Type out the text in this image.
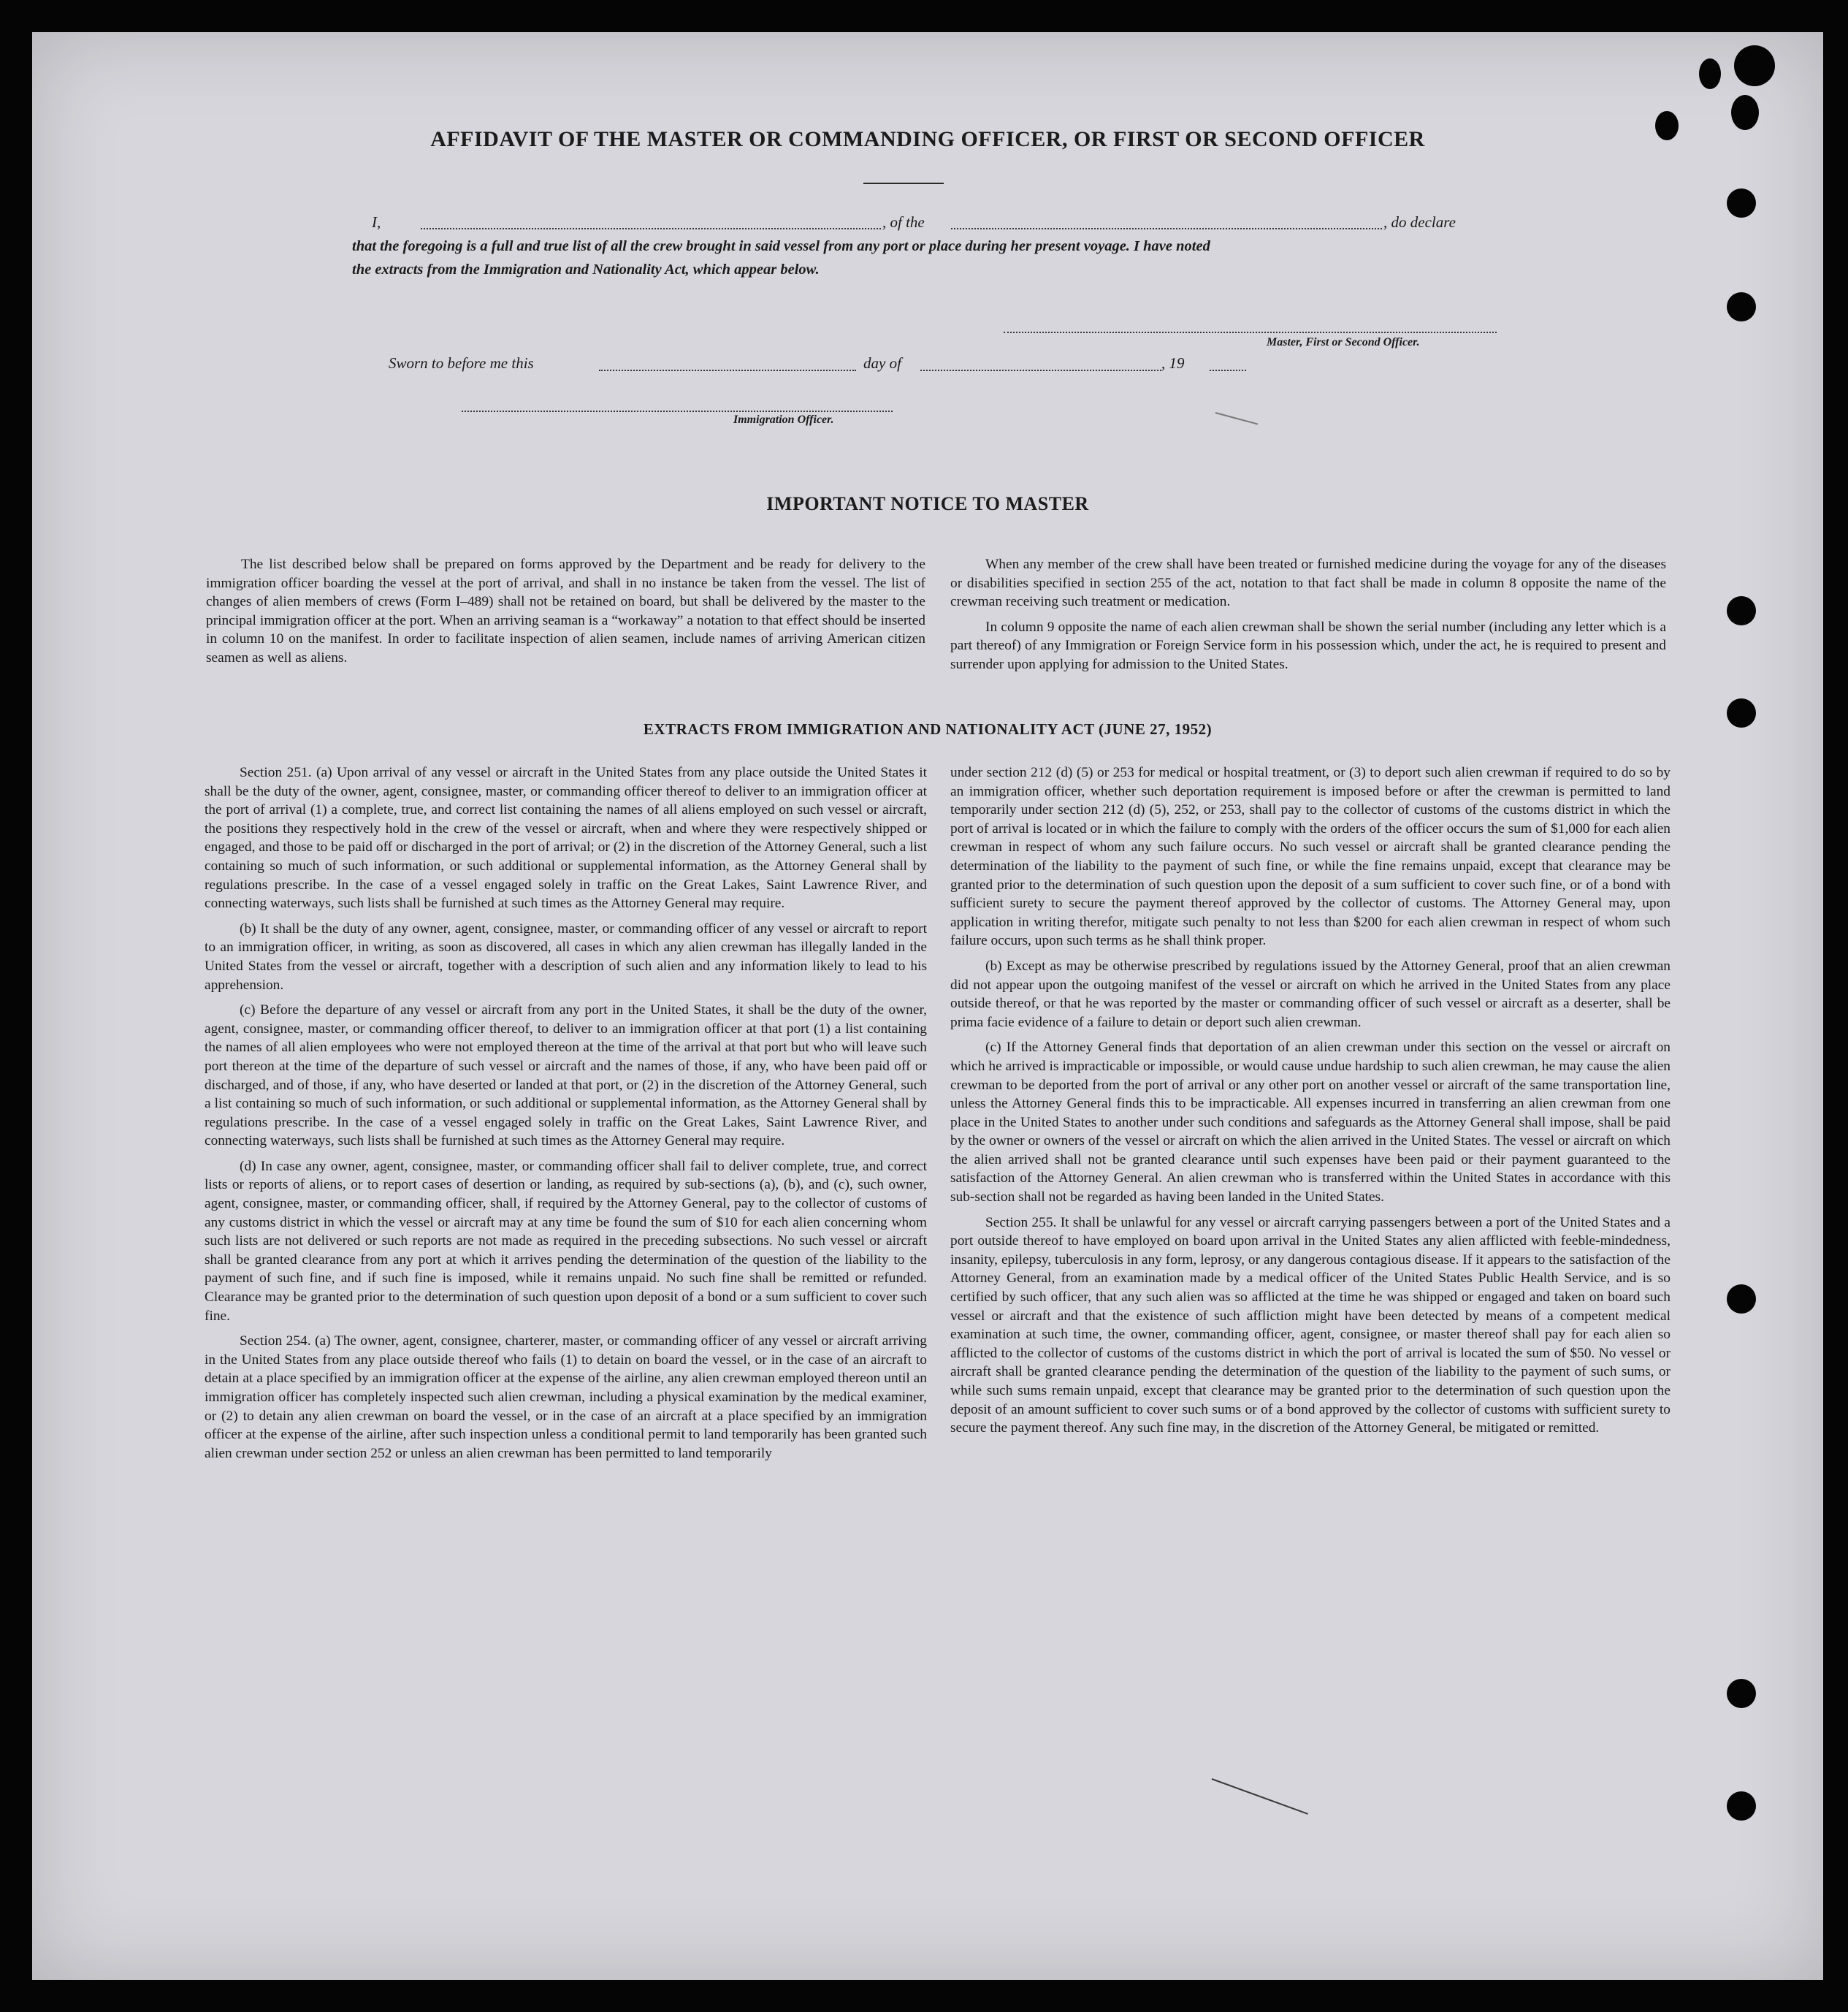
AFFIDAVIT OF THE MASTER OR COMMANDING OFFICER, OR FIRST OR SECOND OFFICER
I,	, of the	, do declare
that the foregoing is a full and true list of all the crew brought in said vessel from any port or place during her present voyage. I have noted
the extracts from the Immigration and Nationality Act, which appear below.
Master, First or Second Officer.
Sworn to before me this	day of	, 19
Immigration Officer.
IMPORTANT NOTICE TO MASTER

The list described below shall be prepared on forms approved by the Department and be ready for delivery to the immigration officer boarding the vessel at the port of arrival, and shall in no instance be taken from the vessel. The list of changes of alien members of crews (Form I–489) shall not be retained on board, but shall be delivered by the master to the principal immigration officer at the port. When an arriving seaman is a “workaway” a notation to that effect should be inserted in column 10 on the manifest. In order to facilitate inspection of alien seamen, include names of arriving American citizen seamen as well as aliens.

When any member of the crew shall have been treated or furnished medicine during the voyage for any of the diseases or disabilities specified in section 255 of the act, notation to that fact shall be made in column 8 opposite the name of the crewman receiving such treatment or medication.

In column 9 opposite the name of each alien crewman shall be shown the serial number (including any letter which is a part thereof) of any Immigration or Foreign Service form in his possession which, under the act, he is required to present and surrender upon applying for admission to the United States.

EXTRACTS FROM IMMIGRATION AND NATIONALITY ACT (JUNE 27, 1952)

Section 251. (a) Upon arrival of any vessel or aircraft in the United States from any place outside the United States it shall be the duty of the owner, agent, consignee, master, or commanding officer thereof to deliver to an immigration officer at the port of arrival (1) a complete, true, and correct list containing the names of all aliens employed on such vessel or aircraft, the positions they respectively hold in the crew of the vessel or aircraft, when and where they were respectively shipped or engaged, and those to be paid off or discharged in the port of arrival; or (2) in the discretion of the Attorney General, such a list containing so much of such information, or such additional or supplemental information, as the Attorney General shall by regulations prescribe. In the case of a vessel engaged solely in traffic on the Great Lakes, Saint Lawrence River, and connecting waterways, such lists shall be furnished at such times as the Attorney General may require.

(b) It shall be the duty of any owner, agent, consignee, master, or commanding officer of any vessel or aircraft to report to an immigration officer, in writing, as soon as discovered, all cases in which any alien crewman has illegally landed in the United States from the vessel or aircraft, together with a description of such alien and any information likely to lead to his apprehension.

(c) Before the departure of any vessel or aircraft from any port in the United States, it shall be the duty of the owner, agent, consignee, master, or commanding officer thereof, to deliver to an immigration officer at that port (1) a list containing the names of all alien employees who were not employed thereon at the time of the arrival at that port but who will leave such port thereon at the time of the departure of such vessel or aircraft and the names of those, if any, who have been paid off or discharged, and of those, if any, who have deserted or landed at that port, or (2) in the discretion of the Attorney General, such a list containing so much of such information, or such additional or supplemental information, as the Attorney General shall by regulations prescribe. In the case of a vessel engaged solely in traffic on the Great Lakes, Saint Lawrence River, and connecting waterways, such lists shall be furnished at such times as the Attorney General may require.

(d) In case any owner, agent, consignee, master, or commanding officer shall fail to deliver complete, true, and correct lists or reports of aliens, or to report cases of desertion or landing, as required by sub-sections (a), (b), and (c), such owner, agent, consignee, master, or commanding officer, shall, if required by the Attorney General, pay to the collector of customs of any customs district in which the vessel or aircraft may at any time be found the sum of $10 for each alien concerning whom such lists are not delivered or such reports are not made as required in the preceding subsections. No such vessel or aircraft shall be granted clearance from any port at which it arrives pending the determination of the question of the liability to the payment of such fine, and if such fine is imposed, while it remains unpaid. No such fine shall be remitted or refunded. Clearance may be granted prior to the determination of such question upon deposit of a bond or a sum sufficient to cover such fine.

Section 254. (a) The owner, agent, consignee, charterer, master, or commanding officer of any vessel or aircraft arriving in the United States from any place outside thereof who fails (1) to detain on board the vessel, or in the case of an aircraft to detain at a place specified by an immigration officer at the expense of the airline, any alien crewman employed thereon until an immigration officer has completely inspected such alien crewman, including a physical examination by the medical examiner, or (2) to detain any alien crewman on board the vessel, or in the case of an aircraft at a place specified by an immigration officer at the expense of the airline, after such inspection unless a conditional permit to land temporarily has been granted such alien crewman under section 252 or unless an alien crewman has been permitted to land temporarily

under section 212 (d) (5) or 253 for medical or hospital treatment, or (3) to deport such alien crewman if required to do so by an immigration officer, whether such deportation requirement is imposed before or after the crewman is permitted to land temporarily under section 212 (d) (5), 252, or 253, shall pay to the collector of customs of the customs district in which the port of arrival is located or in which the failure to comply with the orders of the officer occurs the sum of $1,000 for each alien crewman in respect of whom any such failure occurs. No such vessel or aircraft shall be granted clearance pending the determination of the liability to the payment of such fine, or while the fine remains unpaid, except that clearance may be granted prior to the determination of such question upon the deposit of a sum sufficient to cover such fine, or of a bond with sufficient surety to secure the payment thereof approved by the collector of customs. The Attorney General may, upon application in writing therefor, mitigate such penalty to not less than $200 for each alien crewman in respect of whom such failure occurs, upon such terms as he shall think proper.

(b) Except as may be otherwise prescribed by regulations issued by the Attorney General, proof that an alien crewman did not appear upon the outgoing manifest of the vessel or aircraft on which he arrived in the United States from any place outside thereof, or that he was reported by the master or commanding officer of such vessel or aircraft as a deserter, shall be prima facie evidence of a failure to detain or deport such alien crewman.

(c) If the Attorney General finds that deportation of an alien crewman under this section on the vessel or aircraft on which he arrived is impracticable or impossible, or would cause undue hardship to such alien crewman, he may cause the alien crewman to be deported from the port of arrival or any other port on another vessel or aircraft of the same transportation line, unless the Attorney General finds this to be impracticable. All expenses incurred in transferring an alien crewman from one place in the United States to another under such conditions and safeguards as the Attorney General shall impose, shall be paid by the owner or owners of the vessel or aircraft on which the alien arrived in the United States. The vessel or aircraft on which the alien arrived shall not be granted clearance until such expenses have been paid or their payment guaranteed to the satisfaction of the Attorney General. An alien crewman who is transferred within the United States in accordance with this sub-section shall not be regarded as having been landed in the United States.

Section 255. It shall be unlawful for any vessel or aircraft carrying passengers between a port of the United States and a port outside thereof to have employed on board upon arrival in the United States any alien afflicted with feeble-mindedness, insanity, epilepsy, tuberculosis in any form, leprosy, or any dangerous contagious disease. If it appears to the satisfaction of the Attorney General, from an examination made by a medical officer of the United States Public Health Service, and is so certified by such officer, that any such alien was so afflicted at the time he was shipped or engaged and taken on board such vessel or aircraft and that the existence of such affliction might have been detected by means of a competent medical examination at such time, the owner, commanding officer, agent, consignee, or master thereof shall pay for each alien so afflicted to the collector of customs of the customs district in which the port of arrival is located the sum of $50. No vessel or aircraft shall be granted clearance pending the determination of the question of the liability to the payment of such sums, or while such sums remain unpaid, except that clearance may be granted prior to the determination of such question upon the deposit of an amount sufficient to cover such sums or of a bond approved by the collector of customs with sufficient surety to secure the payment thereof. Any such fine may, in the discretion of the Attorney General, be mitigated or remitted.
